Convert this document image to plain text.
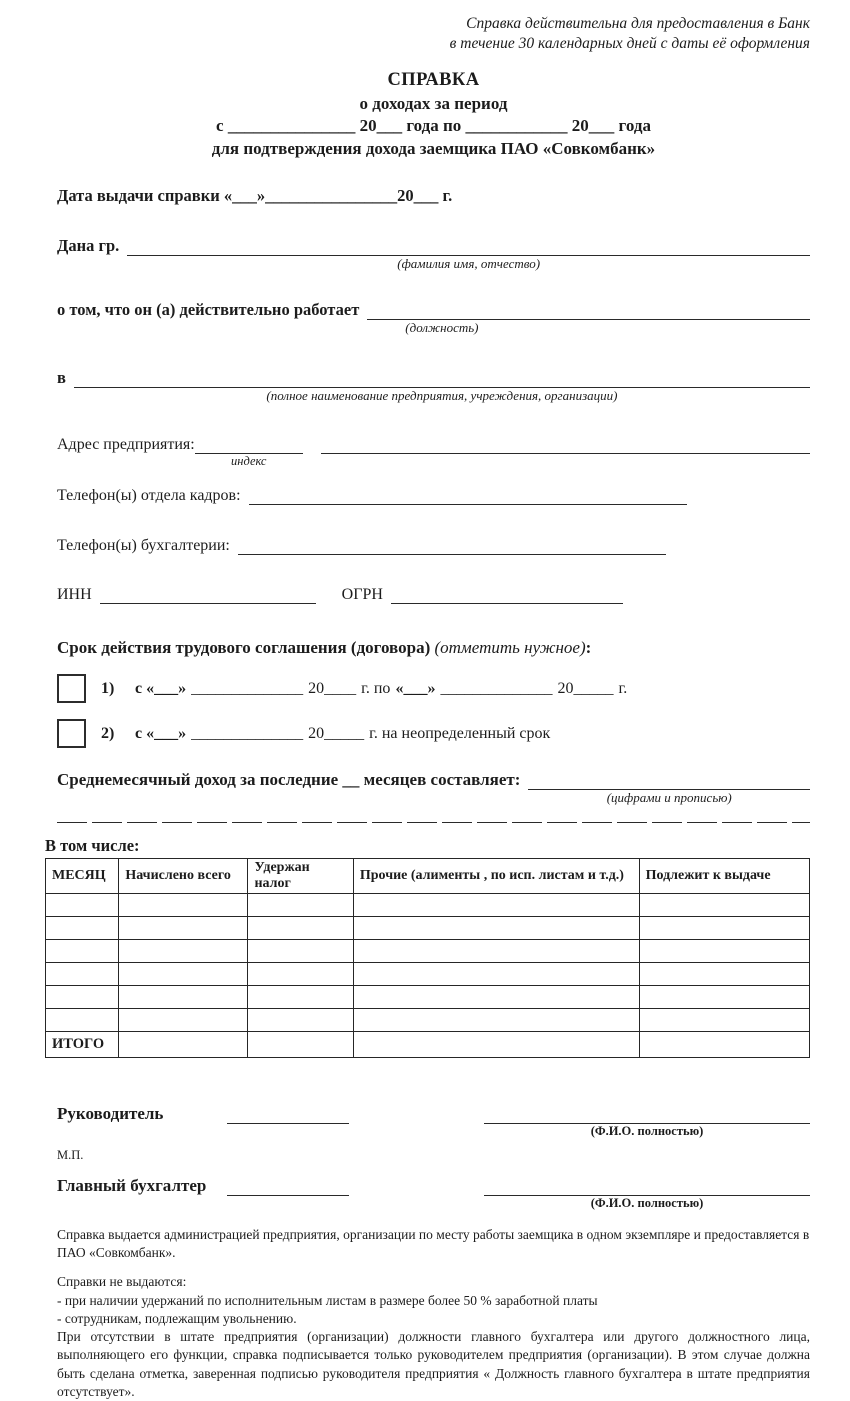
Справка действительна для предоставления в Банк
в течение 30 календарных дней с даты её оформления
СПРАВКА
о доходах за период
с _______________ 20___ года по ____________ 20___ года
для подтверждения дохода заемщика ПАО «Совкомбанк»
Дата выдачи справки «___»________________20___ г.
Дана гр.
(фамилия имя, отчество)
о том, что он (а) действительно работает
(должность)
в
(полное наименование предприятия, учреждения, организации)
Адрес предприятия:
индекс
Телефон(ы) отдела кадров:
Телефон(ы) бухгалтерии:
ИНН	ОГРН
Срок действия трудового соглашения (договора) (отметить нужное):
1)	с «___» ______________ 20____ г. по «___» ______________ 20_____ г.
2)	с «___» ______________ 20_____ г. на неопределенный срок
Среднемесячный доход за последние __ месяцев составляет:
(цифрами и прописью)
В том числе:
МЕСЯЦ	Начислено всего	Удержан налог	Прочие (алименты , по исп. листам и т.д.)	Подлежит к выдаче

ИТОГО				
Руководитель
(Ф.И.О. полностью)
М.П.
Главный бухгалтер
(Ф.И.О. полностью)

Справка выдается администрацией предприятия, организации по месту работы заемщика в одном экземпляре и предоставляется в ПАО «Совкомбанк».

Справки не выдаются:

- при наличии удержаний по исполнительным листам в размере более 50 % заработной платы

- сотрудникам, подлежащим увольнению.

При отсутствии в штате предприятия (организации) должности главного бухгалтера или другого должностного лица, выполняющего его функции, справка подписывается только руководителем предприятия (организации). В этом случае должна быть сделана отметка, заверенная подписью руководителя предприятия « Должность главного бухгалтера в штате предприятия отсутствует».
